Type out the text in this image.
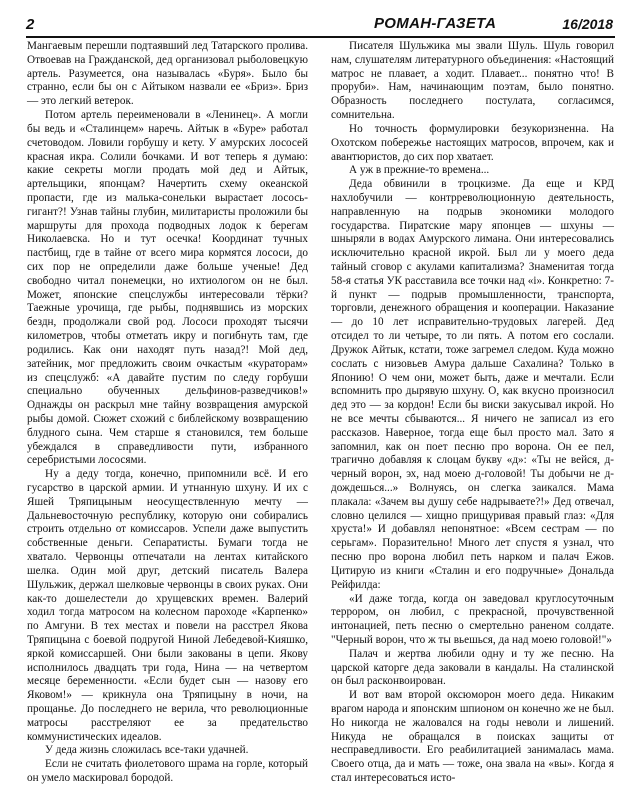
2	РОМАН-ГАЗЕТА	16/2018

Мангаевым перешли подтаявший лед Татарского пролива. Отвоевав на Гражданской, дед организовал рыболовецкую артель. Разумеется, она называлась «Буря». Было бы странно, если бы он с Айтыком назвали ее «Бриз». Бриз — это легкий ветерок.

Потом артель переименовали в «Ленинец». А могли бы ведь и «Сталинцем» наречь. Айтык в «Буре» работал счетоводом. Ловили горбушу и кету. У амурских лососей красная икра. Солили бочками. И вот теперь я думаю: какие секреты могли продать мой дед и Айтык, артельщики, японцам? Начертить схему океанской пропасти, где из малька-сонельки вырастает лосось-гигант?! Узнав тайны глубин, милитаристы проложили бы маршруты для прохода подводных лодок к берегам Николаевска. Но и тут осечка! Координат тучных пастбищ, где в тайне от всего мира кормятся лососи, до сих пор не определили даже больше ученые! Дед свободно читал понемецки, но ихтиологом он не был. Может, японские спецслужбы интересовали тёрки? Таежные урочища, где рыбы, поднявшись из морских бездн, продолжали свой род. Лососи проходят тысячи километров, чтобы отметать икру и погибнуть там, где родились. Как они находят путь назад?! Мой дед, затейник, мог предложить своим очкастым «кураторам» из спецслужб: «А давайте пустим по следу горбуши специально обученных дельфинов-разведчиков!» Однажды он раскрыл мне тайну возвращения амурской рыбы домой. Сюжет схожий с библейскому возвращению блудного сына. Чем старше я становился, тем больше убеждался в справедливости пути, избранного серебристыми лососями.

Ну а деду тогда, конечно, припомнили всё. И его гусарство в царской армии. И утнанную шхуну. И их с Яшей Тряпицыным неосуществленную мечту — Дальневосточную республику, которую они собирались строить отдельно от комиссаров. Успели даже выпустить собственные деньги. Сепаратисты. Бумаги тогда не хватало. Червонцы отпечатали на лентах китайского шелка. Один мой друг, детский писатель Валера Шульжик, держал шелковые червонцы в своих руках. Они как-то дошелестели до хрущевских времен. Валерий ходил тогда матросом на колесном пароходе «Карпенко» по Амгуни. В тех местах и повели на расстрел Якова Тряпицына с боевой подругой Ниной Лебедевой-Кияшко, яркой комиссаршей. Они были закованы в цепи. Якову исполнилось двадцать три года, Нина — на четвертом месяце беременности. «Если будет сын — назову его Яковом!» — крикнула она Тряпицыну в ночи, на прощанье. До последнего не верила, что революционные матросы расстреляют ее за предательство коммунистических идеалов.

У деда жизнь сложилась все-таки удачней.

Если не считать фиолетового шрама на горле, который он умело маскировал бородой.

Писателя Шульжика мы звали Шуль. Шуль говорил нам, слушателям литературного объединения: «Настоящий матрос не плавает, а ходит. Плавает... понятно что! В проруби». Нам, начинающим поэтам, было понятно. Образность последнего постулата, согласимся, сомнительна.

Но точность формулировки безукоризненна. На Охотском побережье настоящих матросов, впрочем, как и авантюристов, до сих пор хватает.

А уж в прежние-то времена...

Деда обвинили в троцкизме. Да еще и КРД нахлобучили — контрреволюционную деятельность, направленную на подрыв экономики молодого государства. Пиратские мару японцев — шхуны — шныряли в водах Амурского лимана. Они интересовались исключительно красной икрой. Был ли у моего деда тайный сговор с акулами капитализма? Знаменитая тогда 58-я статья УК расставила все точки над «i». Конкретно: 7-й пункт — подрыв промышленности, транспорта, торговли, денежного обращения и кооперации. Наказание — до 10 лет исправительно-трудовых лагерей. Дед отсидел то ли четыре, то ли пять. А потом его сослали. Дружок Айтык, кстати, тоже загремел следом. Куда можно сослать с низовьев Амура дальше Сахалина? Только в Японию! О чем они, может быть, даже и мечтали. Если вспомнить про дырявую шхуну. О, как вкусно произносил дед это — за кордон! Если бы виски закусывал икрой. Но не все мечты сбываются... Я ничего не записал из его рассказов. Наверное, тогда еще был просто мал. Зато я запомнил, как он поет песню про ворона. Он ее пел, трагично добавляя к слоцам букву «д»: «Ты не вейся, д-черный ворон, эх, над моею д-головой! Ты добычи не д-дождешься...» Волнуясь, он слегка заикался. Мама плакала: «Зачем вы душу себе надрываете?!» Дед отвечал, словно целился — хищно прищуривая правый глаз: «Для хруста!» И добавлял непонятное: «Всем сестрам — по серьгам». Поразительно! Много лет спустя я узнал, что песню про ворона любил петь нарком и палач Ежов. Цитирую из книги «Сталин и его подручные» Дональда Рейфилда:

«И даже тогда, когда он заведовал круглосуточным террором, он любил, с прекрасной, прочувственной интонацией, петь песню о смертельно раненом солдате. "Черный ворон, что ж ты вьешься, да над моею головой!"»

Палач и жертва любили одну и ту же песню. На царской каторге деда заковали в кандалы. На сталинской он был расконвоирован.

И вот вам второй оксюморон моего деда. Никаким врагом народа и японским шпионом он конечно же не был. Но никогда не жаловался на годы неволи и лишений. Никуда не обращался в поисках защиты от несправедливости. Его реабилитацией занималась мама. Своего отца, да и мать — тоже, она звала на «вы». Когда я стал интересоваться исто-
